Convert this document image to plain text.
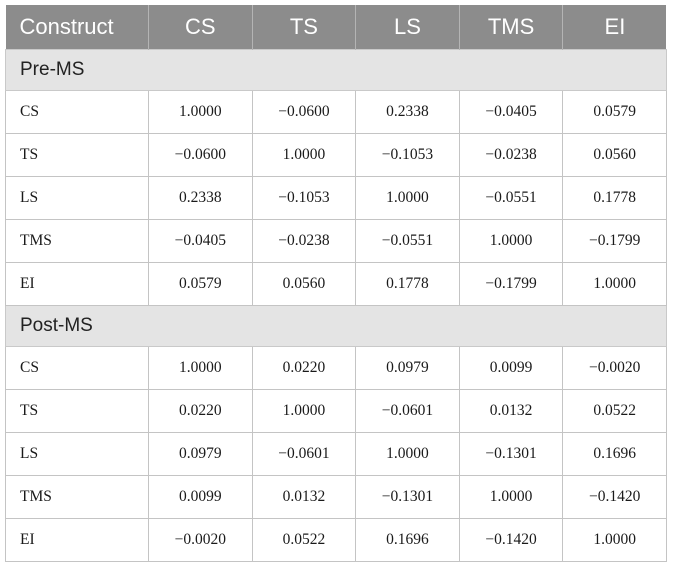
Construct	CS	TS	LS	TMS	EI
Pre-MS					
CS	1.0000	−0.0600	0.2338	−0.0405	0.0579
TS	−0.0600	1.0000	−0.1053	−0.0238	0.0560
LS	0.2338	−0.1053	1.0000	−0.0551	0.1778
TMS	−0.0405	−0.0238	−0.0551	1.0000	−0.1799
EI	0.0579	0.0560	0.1778	−0.1799	1.0000
Post-MS					
CS	1.0000	0.0220	0.0979	0.0099	−0.0020
TS	0.0220	1.0000	−0.0601	0.0132	0.0522
LS	0.0979	−0.0601	1.0000	−0.1301	0.1696
TMS	0.0099	0.0132	−0.1301	1.0000	−0.1420
EI	−0.0020	0.0522	0.1696	−0.1420	1.0000
